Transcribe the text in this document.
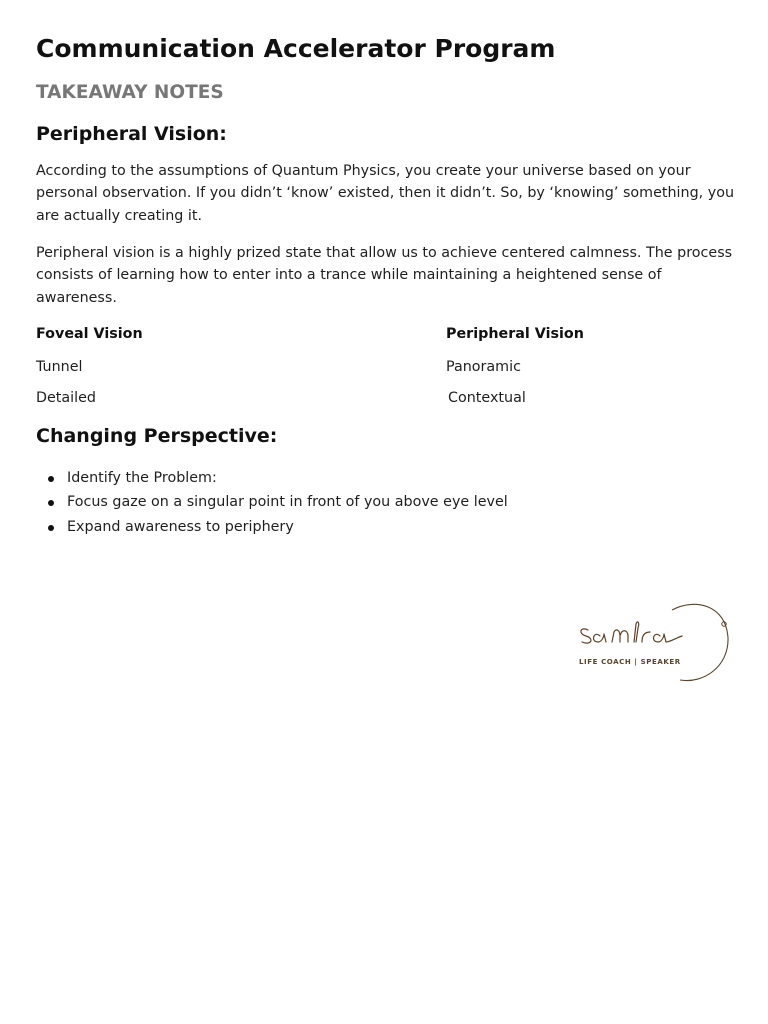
Communication Accelerator Program
TAKEAWAY NOTES
Peripheral Vision:

According to the assumptions of Quantum Physics, you create your universe based on your personal observation. If you didn’t ‘know’ existed, then it didn’t. So, by ‘knowing’ something, you are actually creating it.

Peripheral vision is a highly prized state that allow us to achieve centered calmness. The process consists of learning how to enter into a trance while maintaining a heightened sense of awareness.

Foveal Vision	Peripheral Vision
Tunnel	Panoramic
Detailed	Contextual
Changing Perspective:
Identify the Problem:
Focus gaze on a singular point in front of you above eye level
Expand awareness to periphery
LIFE COACH | SPEAKER
